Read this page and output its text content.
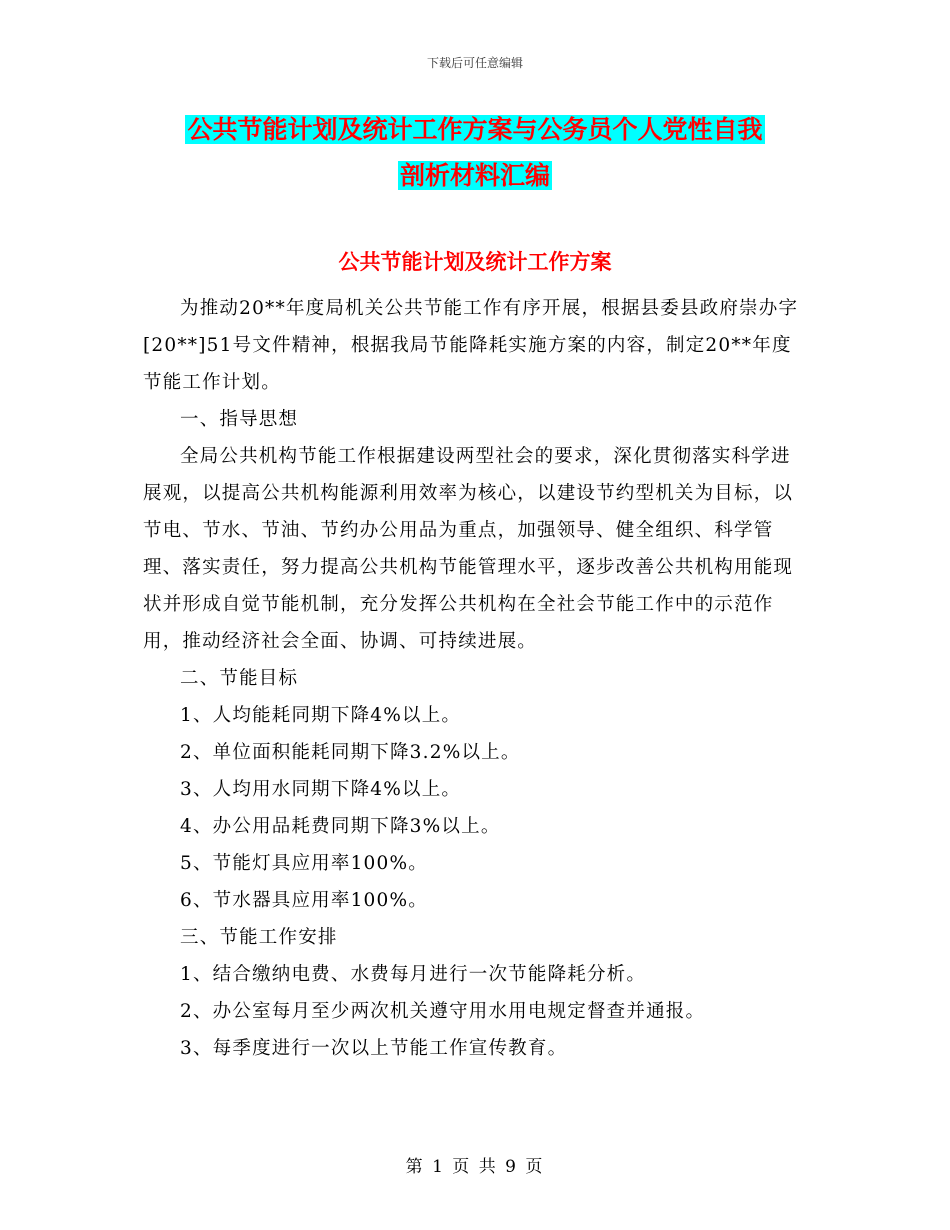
下载后可任意编辑
公共节能计划及统计工作方案与公务员个人党性自我
剖析材料汇编
公共节能计划及统计工作方案

为推动20**年度局机关公共节能工作有序开展，根据县委县政府崇办字[20**]51号文件精神，根据我局节能降耗实施方案的内容，制定20**年度节能工作计划。

一、指导思想

全局公共机构节能工作根据建设两型社会的要求，深化贯彻落实科学进展观，以提高公共机构能源利用效率为核心，以建设节约型机关为目标，以节电、节水、节油、节约办公用品为重点，加强领导、健全组织、科学管理、落实责任，努力提高公共机构节能管理水平，逐步改善公共机构用能现状并形成自觉节能机制，充分发挥公共机构在全社会节能工作中的示范作用，推动经济社会全面、协调、可持续进展。

二、节能目标

1、人均能耗同期下降4%以上。

2、单位面积能耗同期下降3.2%以上。

3、人均用水同期下降4%以上。

4、办公用品耗费同期下降3%以上。

5、节能灯具应用率100%。

6、节水器具应用率100%。

三、节能工作安排

1、结合缴纳电费、水费每月进行一次节能降耗分析。

2、办公室每月至少两次机关遵守用水用电规定督查并通报。

3、每季度进行一次以上节能工作宣传教育。

第 1 页 共 9 页
